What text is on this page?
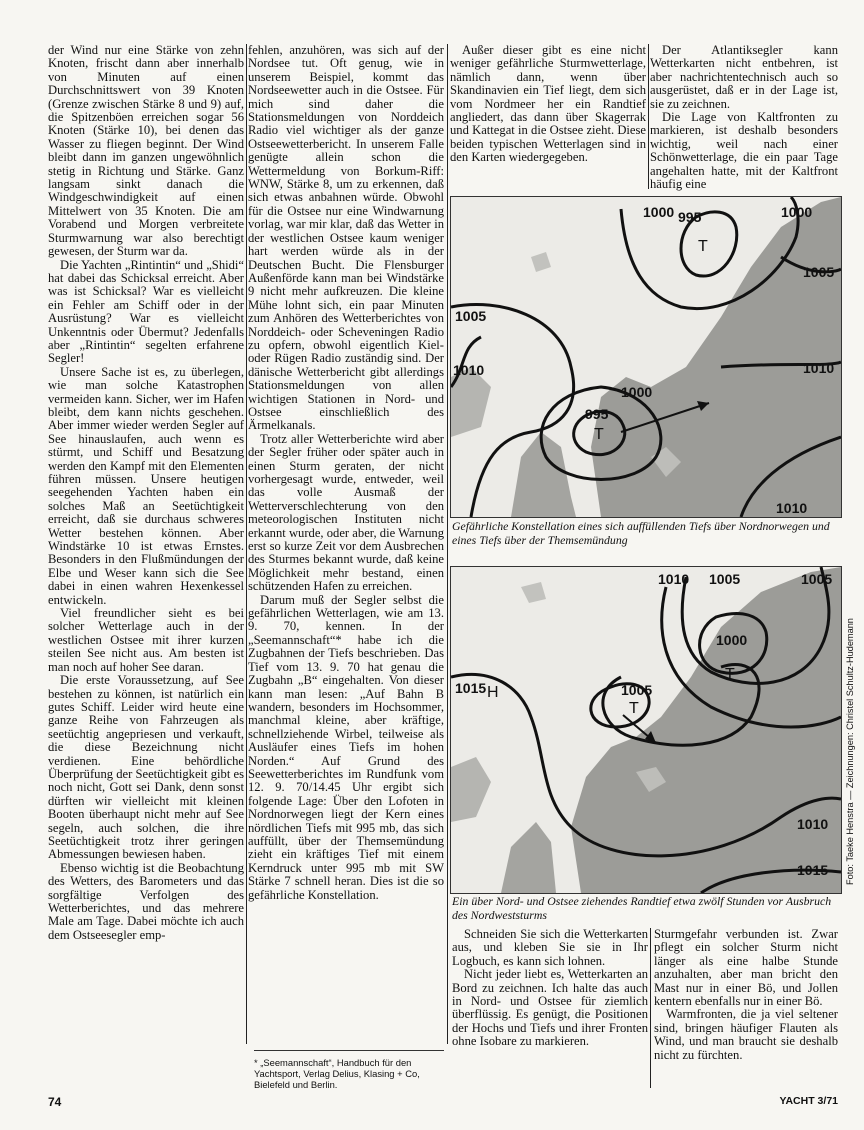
der Wind nur eine Stärke von zehn Knoten, frischt dann aber innerhalb von Minuten auf einen Durchschnittswert von 39 Knoten (Grenze zwischen Stärke 8 und 9) auf, die Spitzenböen erreichen sogar 56 Knoten (Stärke 10), bei denen das Wasser zu fliegen beginnt. Der Wind bleibt dann im ganzen ungewöhnlich stetig in Richtung und Stärke. Ganz langsam sinkt danach die Windgeschwindigkeit auf einen Mittelwert von 35 Knoten. Die am Vorabend und Morgen verbreitete Sturmwarnung war also berechtigt gewesen, der Sturm war da.

Die Yachten „Rintintin“ und „Shidi“ hat dabei das Schicksal erreicht. Aber was ist Schicksal? War es vielleicht ein Fehler am Schiff oder in der Ausrüstung? War es vielleicht Unkenntnis oder Übermut? Jedenfalls aber „Rintintin“ segelten erfahrene Segler!

Unsere Sache ist es, zu überlegen, wie man solche Katastrophen vermeiden kann. Sicher, wer im Hafen bleibt, dem kann nichts geschehen. Aber immer wieder werden Segler auf See hinauslaufen, auch wenn es stürmt, und Schiff und Besatzung werden den Kampf mit den Elementen führen müssen. Unsere heutigen seegehenden Yachten haben ein solches Maß an Seetüchtigkeit erreicht, daß sie durchaus schweres Wetter bestehen können. Aber Windstärke 10 ist etwas Ernstes. Besonders in den Flußmündungen der Elbe und Weser kann sich die See dabei in einen wahren Hexenkessel entwickeln.

Viel freundlicher sieht es bei solcher Wetterlage auch in der westlichen Ostsee mit ihrer kurzen steilen See nicht aus. Am besten ist man noch auf hoher See daran.

Die erste Voraussetzung, auf See bestehen zu können, ist natürlich ein gutes Schiff. Leider wird heute eine ganze Reihe von Fahrzeugen als seetüchtig angepriesen und verkauft, die diese Bezeichnung nicht verdienen. Eine behördliche Überprüfung der Seetüchtigkeit gibt es noch nicht, Gott sei Dank, denn sonst dürften wir vielleicht mit kleinen Booten überhaupt nicht mehr auf See segeln, auch solchen, die ihre Seetüchtigkeit trotz ihrer geringen Abmessungen bewiesen haben.

Ebenso wichtig ist die Beobachtung des Wetters, des Barometers und das sorgfältige Verfolgen des Wetterberichtes, und das mehrere Male am Tage. Dabei möchte ich auch dem Ostseesegler emp-

fehlen, anzuhören, was sich auf der Nordsee tut. Oft genug, wie in unserem Beispiel, kommt das Nordseewetter auch in die Ostsee. Für mich sind daher die Stationsmeldungen von Norddeich Radio viel wichtiger als der ganze Ostseewetterbericht. In unserem Falle genügte allein schon die Wettermeldung von Borkum-Riff: WNW, Stärke 8, um zu erkennen, daß sich etwas anbahnen würde. Obwohl für die Ostsee nur eine Windwarnung vorlag, war mir klar, daß das Wetter in der westlichen Ostsee kaum weniger hart werden würde als in der Deutschen Bucht. Die Flensburger Außenförde kann man bei Windstärke 9 nicht mehr aufkreuzen. Die kleine Mühe lohnt sich, ein paar Minuten zum Anhören des Wetterberichtes von Norddeich- oder Scheveningen Radio zu opfern, obwohl eigentlich Kiel- oder Rügen Radio zuständig sind. Der dänische Wetterbericht gibt allerdings Stationsmeldungen von allen wichtigen Stationen in Nord- und Ostsee einschließlich des Ärmelkanals.

Trotz aller Wetterberichte wird aber der Segler früher oder später auch in einen Sturm geraten, der nicht vorhergesagt wurde, entweder, weil das volle Ausmaß der Wetterverschlechterung von den meteorologischen Instituten nicht erkannt wurde, oder aber, die Warnung erst so kurze Zeit vor dem Ausbrechen des Sturmes bekannt wurde, daß keine Möglichkeit mehr bestand, einen schützenden Hafen zu erreichen.

Darum muß der Segler selbst die gefährlichen Wetterlagen, wie am 13. 9. 70, kennen. In der „Seemannschaft“* habe ich die Zugbahnen der Tiefs beschrieben. Das Tief vom 13. 9. 70 hat genau die Zugbahn „B“ eingehalten. Von dieser kann man lesen: „Auf Bahn B wandern, besonders im Hochsommer, manchmal kleine, aber kräftige, schnellziehende Wirbel, teilweise als Ausläufer eines Tiefs im hohen Norden.“ Auf Grund des Seewetterberichtes im Rundfunk vom 12. 9. 70/14.45 Uhr ergibt sich folgende Lage: Über den Lofoten in Nordnorwegen liegt der Kern eines nördlichen Tiefs mit 995 mb, das sich auffüllt, über der Themsemündung zieht ein kräftiges Tief mit einem Kerndruck unter 995 mb mit SW Stärke 7 schnell heran. Dies ist die so gefährliche Konstellation.

Außer dieser gibt es eine nicht weniger gefährliche Sturmwetterlage, nämlich dann, wenn über Skandinavien ein Tief liegt, dem sich vom Nordmeer her ein Randtief angliedert, das dann über Skagerrak und Kattegat in die Ostsee zieht. Diese beiden typischen Wetterlagen sind in den Karten wiedergegeben.

Der Atlantiksegler kann Wetterkarten nicht entbehren, ist aber nachrichtentechnisch auch so ausgerüstet, daß er in der Lage ist, sie zu zeichnen.

Die Lage von Kaltfronten zu markieren, ist deshalb besonders wichtig, weil nach einer Schönwetterlage, die ein paar Tage angehalten hatte, mit der Kaltfront häufig eine

1000 995	1000
1005
1005
1010	1010
1000
995
1010
T
T
Gefährliche Konstellation eines sich auffüllenden Tiefs über Nordnorwegen und eines Tiefs über der Themsemündung
1010 1005	1005
1000
1005
1015
1010
1015
H
T
T
Ein über Nord- und Ostsee ziehendes Randtief etwa zwölf Stunden vor Ausbruch des Nordweststurms

Schneiden Sie sich die Wetterkarten aus, und kleben Sie sie in Ihr Logbuch, es kann sich lohnen.

Nicht jeder liebt es, Wetterkarten an Bord zu zeichnen. Ich halte das auch in Nord- und Ostsee für ziemlich überflüssig. Es genügt, die Positionen der Hochs und Tiefs und ihrer Fronten ohne Isobare zu markieren.

Sturmgefahr verbunden ist. Zwar pflegt ein solcher Sturm nicht länger als eine halbe Stunde anzuhalten, aber man bricht den Mast nur in einer Bö, und Jollen kentern ebenfalls nur in einer Bö.

Warmfronten, die ja viel seltener sind, bringen häufiger Flauten als Wind, und man braucht sie deshalb nicht zu fürchten.

* „Seemannschaft“, Handbuch für den Yachtsport, Verlag Delius, Klasing + Co, Bielefeld und Berlin.
Foto: Taeke Henstra — Zeichnungen: Christel Schultz-Hudemann
74	YACHT 3/71
